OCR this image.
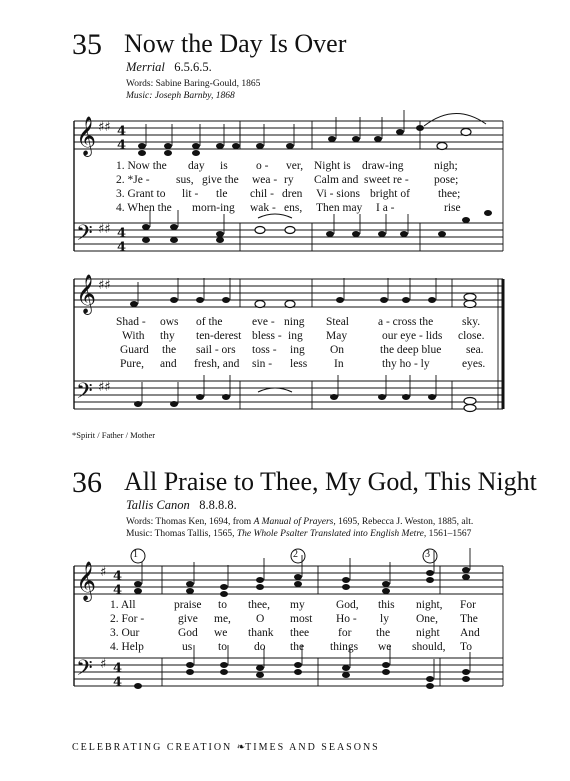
35 Now the Day Is Over
Merrial 6.5.6.5.
Words: Sabine Baring-Gould, 1865
Music: Joseph Barnby, 1868
𝄞
𝄢
𝄞
𝄢
♯♯
♯♯
♯♯
♯♯
4
4
4
4
1. Now the day is o - ver, Night is draw-ing	nigh;
2. *Je - sus, give the wea - ry Calm and sweet re - pose;
3. Grant to lit - tle chil - dren Vi - sions bright of thee;
4. When the morn-ing wak - ens, Then may I a -	rise
Shad - ows of the	eve - ning Steal	a - cross the	sky.
With thy ten-derest bless - ing May	our eye - lids close.
Guard the sail - ors toss - ing On	the deep blue sea.
Pure, and fresh, and sin - less In	thy ho - ly	eyes.
*Spirit / Father / Mother
36 All Praise to Thee, My God, This Night
Tallis Canon 8.8.8.8.
Words: Thomas Ken, 1694, from A Manual of Prayers, 1695, Rebecca J. Weston, 1885, alt.
Music: Thomas Tallis, 1565, The Whole Psalter Translated into English Metre, 1561–1567
𝄞
𝄢
♯
♯
4
4
4
4
1	2	3
1. All	praise to thee, my	God, this night, For
2. For -	give me, O most Ho - ly One, The
3. Our	God we thank thee	for the night And
4. Help	us to do the things we should, To
CELEBRATING CREATION ❧TIMES AND SEASONS
